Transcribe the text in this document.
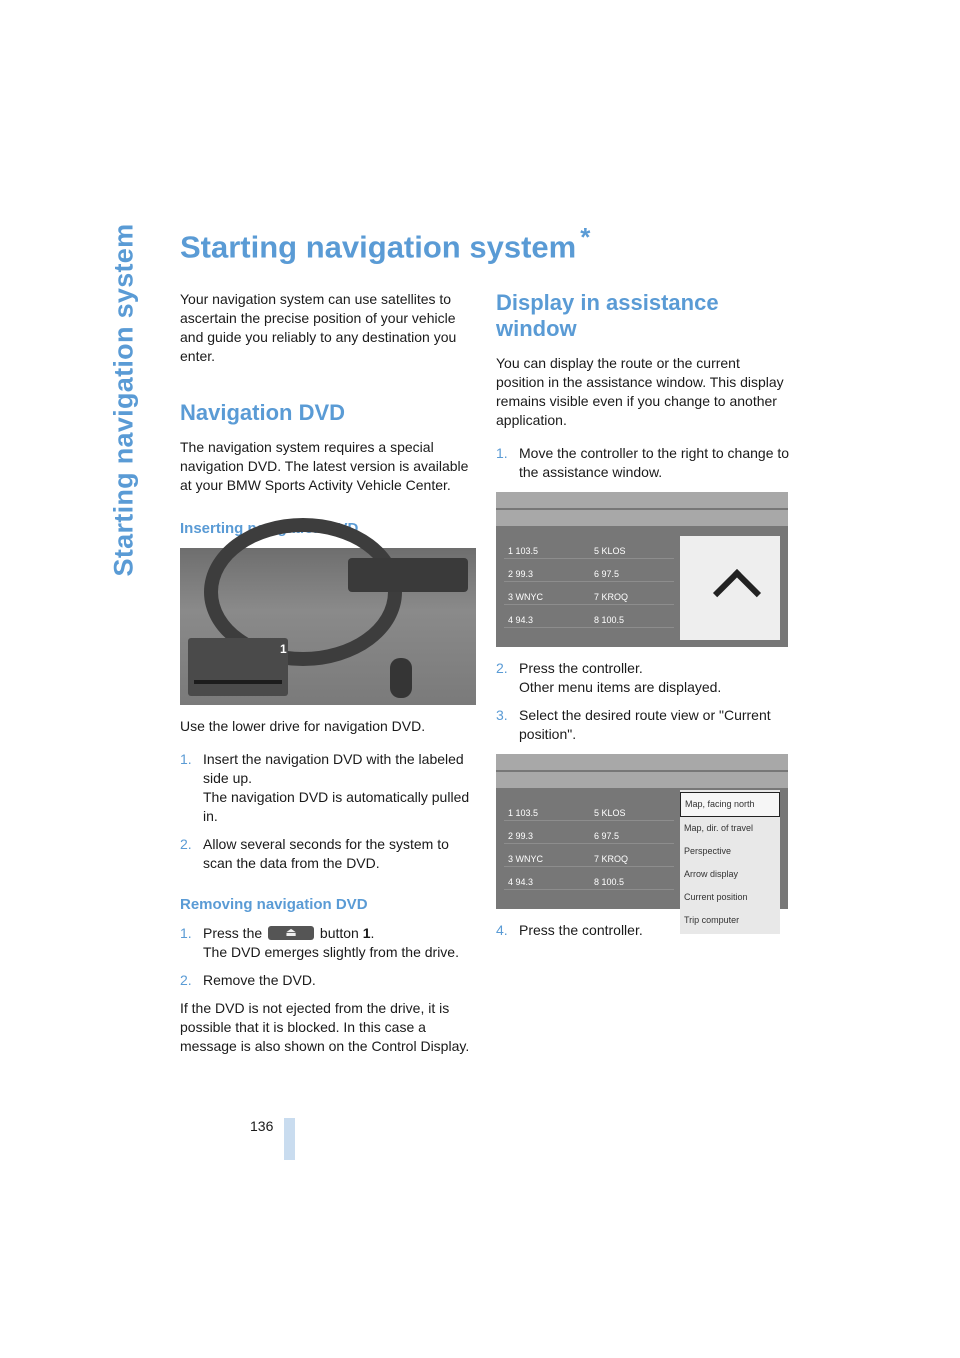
Starting navigation system Starting navigation system *

Your navigation system can use satellites to ascertain the precise position of your vehicle and guide you reliably to any destination you enter.

Navigation DVD

The navigation system requires a special navigation DVD. The latest version is available at your BMW Sports Activity Vehicle Center.

Inserting navigation DVD
1

Use the lower drive for navigation DVD.

1. Insert the navigation DVD with the labeled side up.
The navigation DVD is automatically pulled in.
2. Allow several seconds for the system to scan the data from the DVD.
Removing navigation DVD
1. Press the ⏏	button 1.
The DVD emerges slightly from the drive.
2. Remove the DVD.

If the DVD is not ejected from the drive, it is possible that it is blocked. In this case a message is also shown on the Control Display.

Display in assistance window

You can display the route or the current position in the assistance window. This display remains visible even if you change to another application.

1. Move the controller to the right to change to the assistance window.
1 103.5	5 KLOS
2 99.3	6 97.5
3 WNYC	7 KROQ
4 94.3	8 100.5
2. Press the controller.
Other menu items are displayed.
3. Select the desired route view or "Current position".
1 103.5	5 KLOS
2 99.3	6 97.5
3 WNYC	7 KROQ
4 94.3	8 100.5
Map, facing north
Map, dir. of travel
Perspective
Arrow display
Current position
Trip computer
4. Press the controller.
136
